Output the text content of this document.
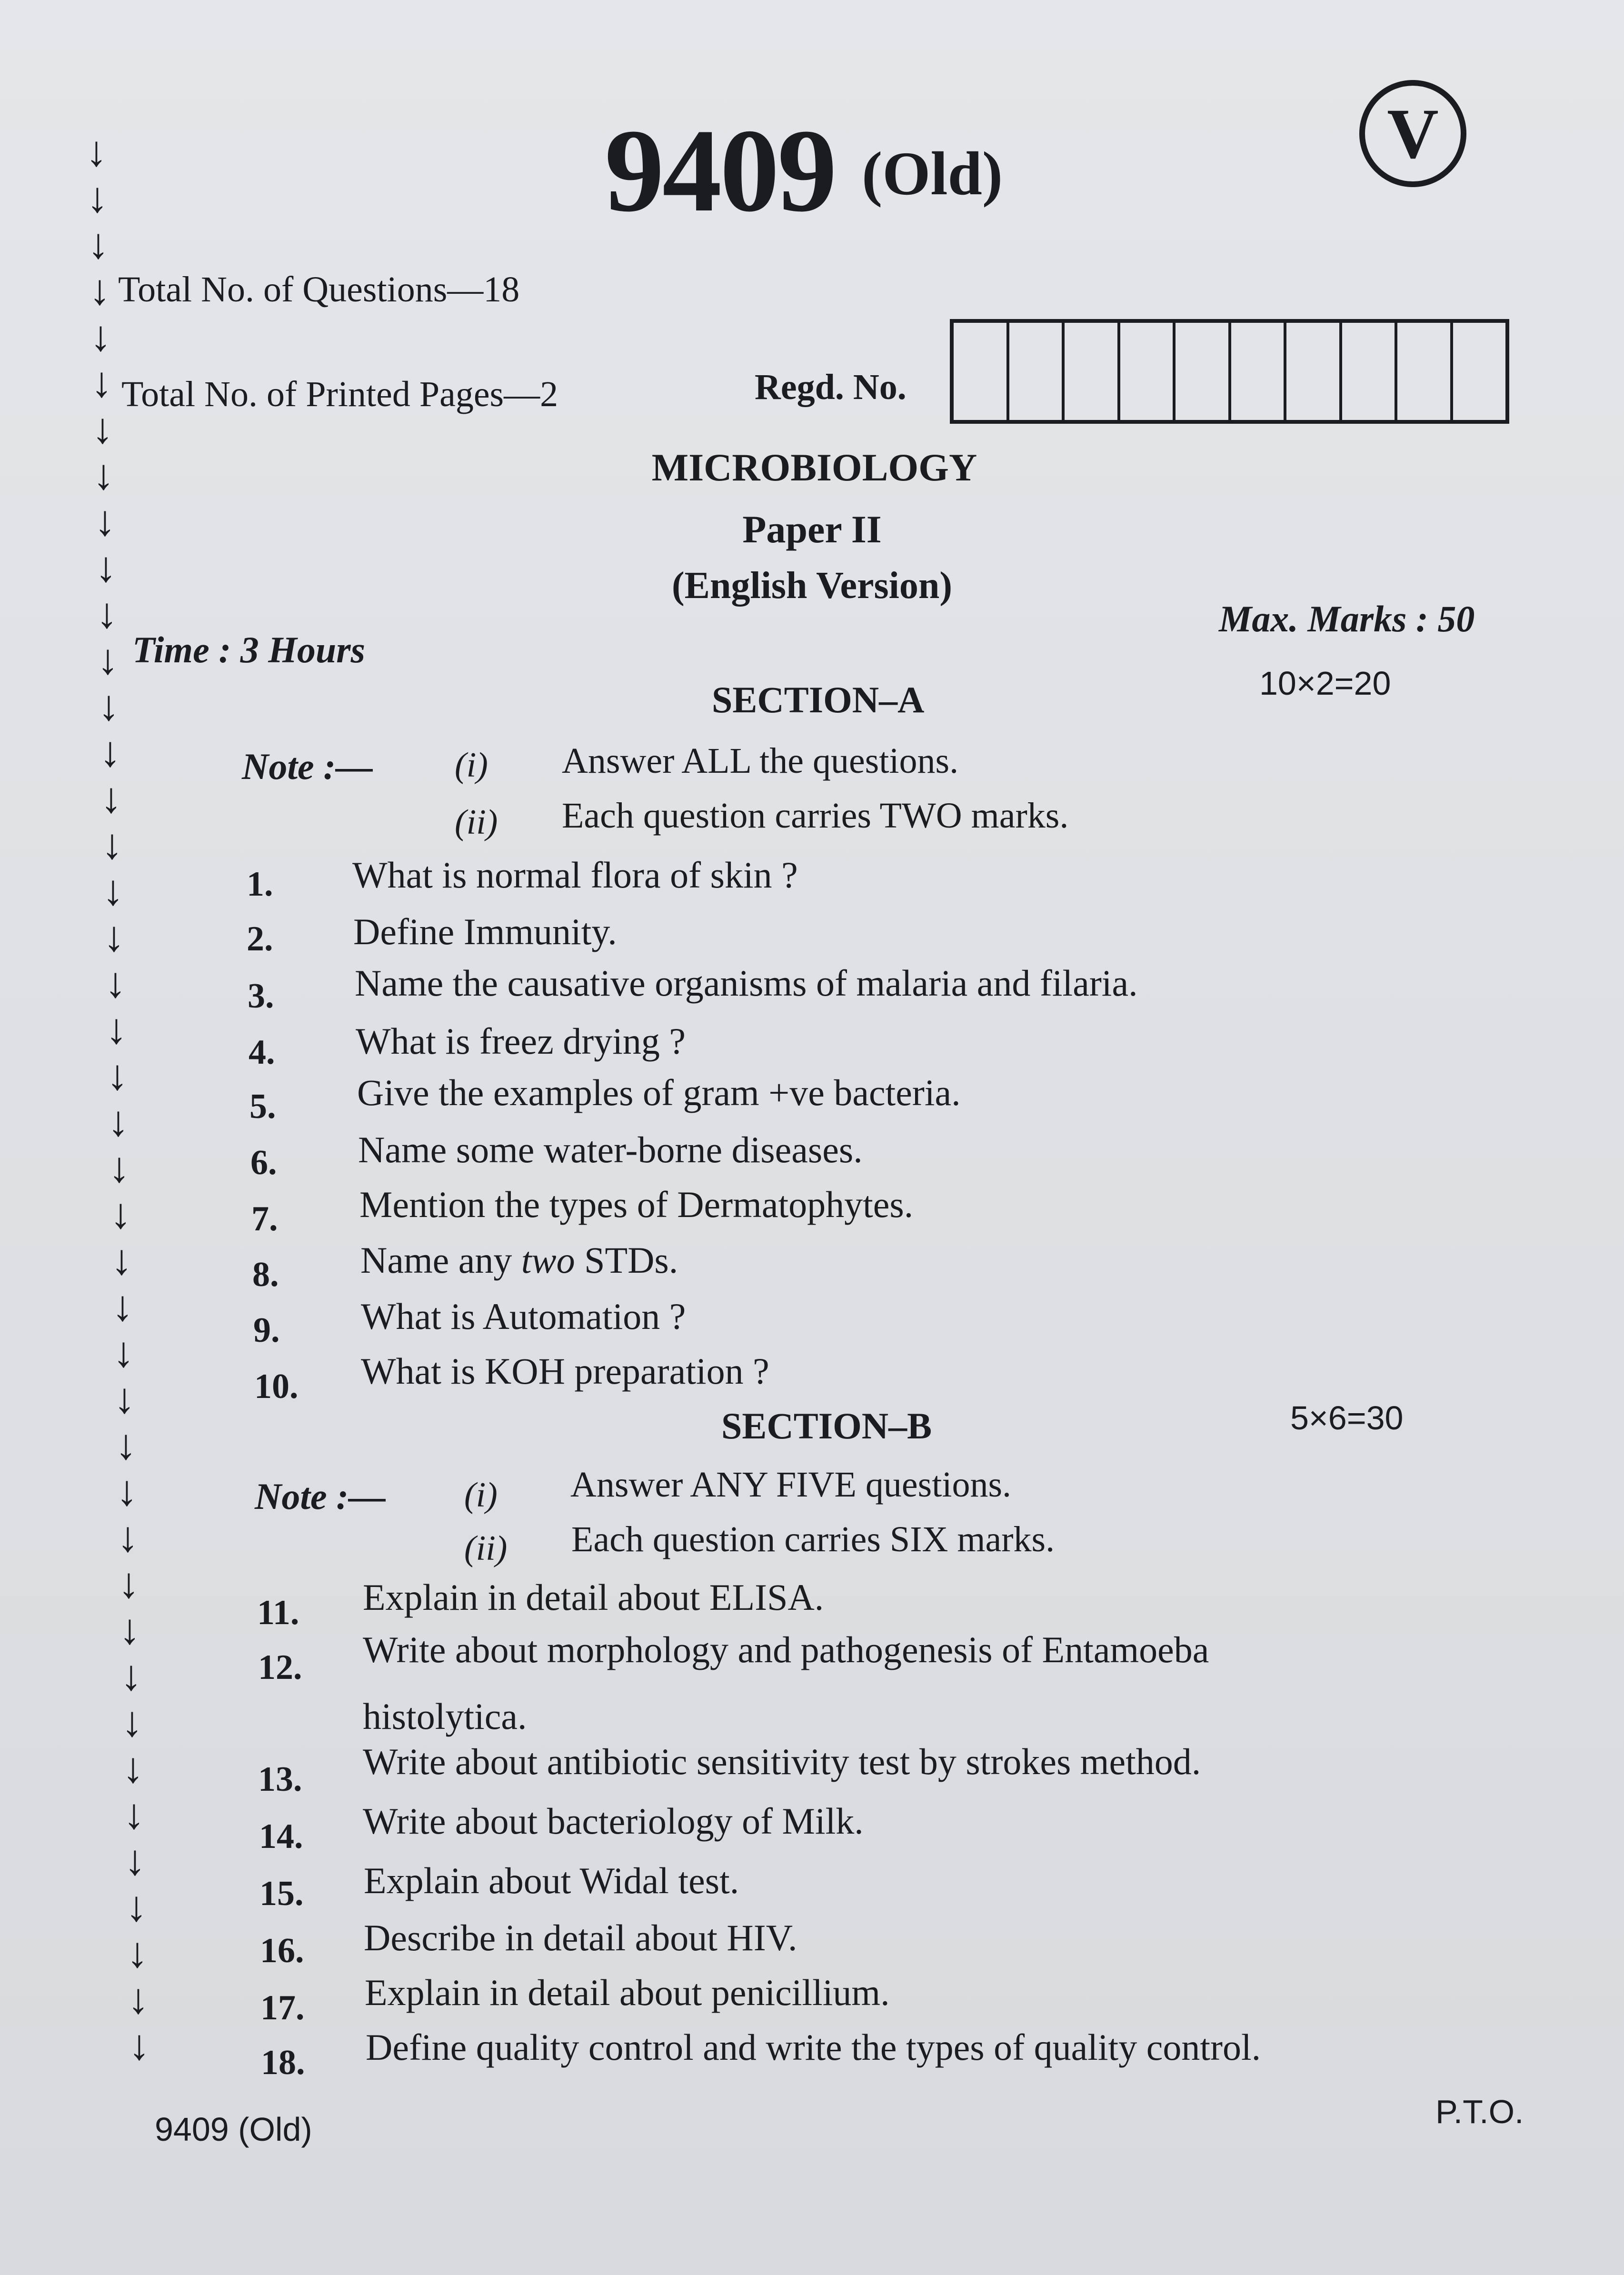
↓
↓
↓
↓
↓
↓
↓
↓
↓
↓
↓
↓
↓
↓
↓
↓
↓
↓
↓
↓
↓
↓
↓
↓
↓
↓
↓
↓
↓
↓
↓
↓
↓
↓
↓
↓
↓
↓
↓
↓
↓
↓
9409 (Old)
V
Total No. of Questions—18
Total No. of Printed Pages—2	Regd. No.
MICROBIOLOGY
Paper II
(English Version)
Time : 3 Hours
Max. Marks : 50
SECTION–A	10×2=20
Note :— (i) Answer ALL the questions.
(ii) Each question carries TWO marks.
1. What is normal flora of skin ?
2. Define Immunity.
3. Name the causative organisms of malaria and filaria.
4. What is freez drying ?
5. Give the examples of gram +ve bacteria.
6. Name some water-borne diseases.
7. Mention the types of Dermatophytes.
8. Name any two STDs.
9. What is Automation ?
10. What is KOH preparation ?
SECTION–B	5×6=30
Note :— (i) Answer ANY FIVE questions.
(ii) Each question carries SIX marks.
11. Explain in detail about ELISA.
12. Write about morphology and pathogenesis of Entamoeba
histolytica.
13. Write about antibiotic sensitivity test by strokes method.
14. Write about bacteriology of Milk.
15. Explain about Widal test.
16. Describe in detail about HIV.
17. Explain in detail about penicillium.
18. Define quality control and write the types of quality control.
9409 (Old)	P.T.O.
